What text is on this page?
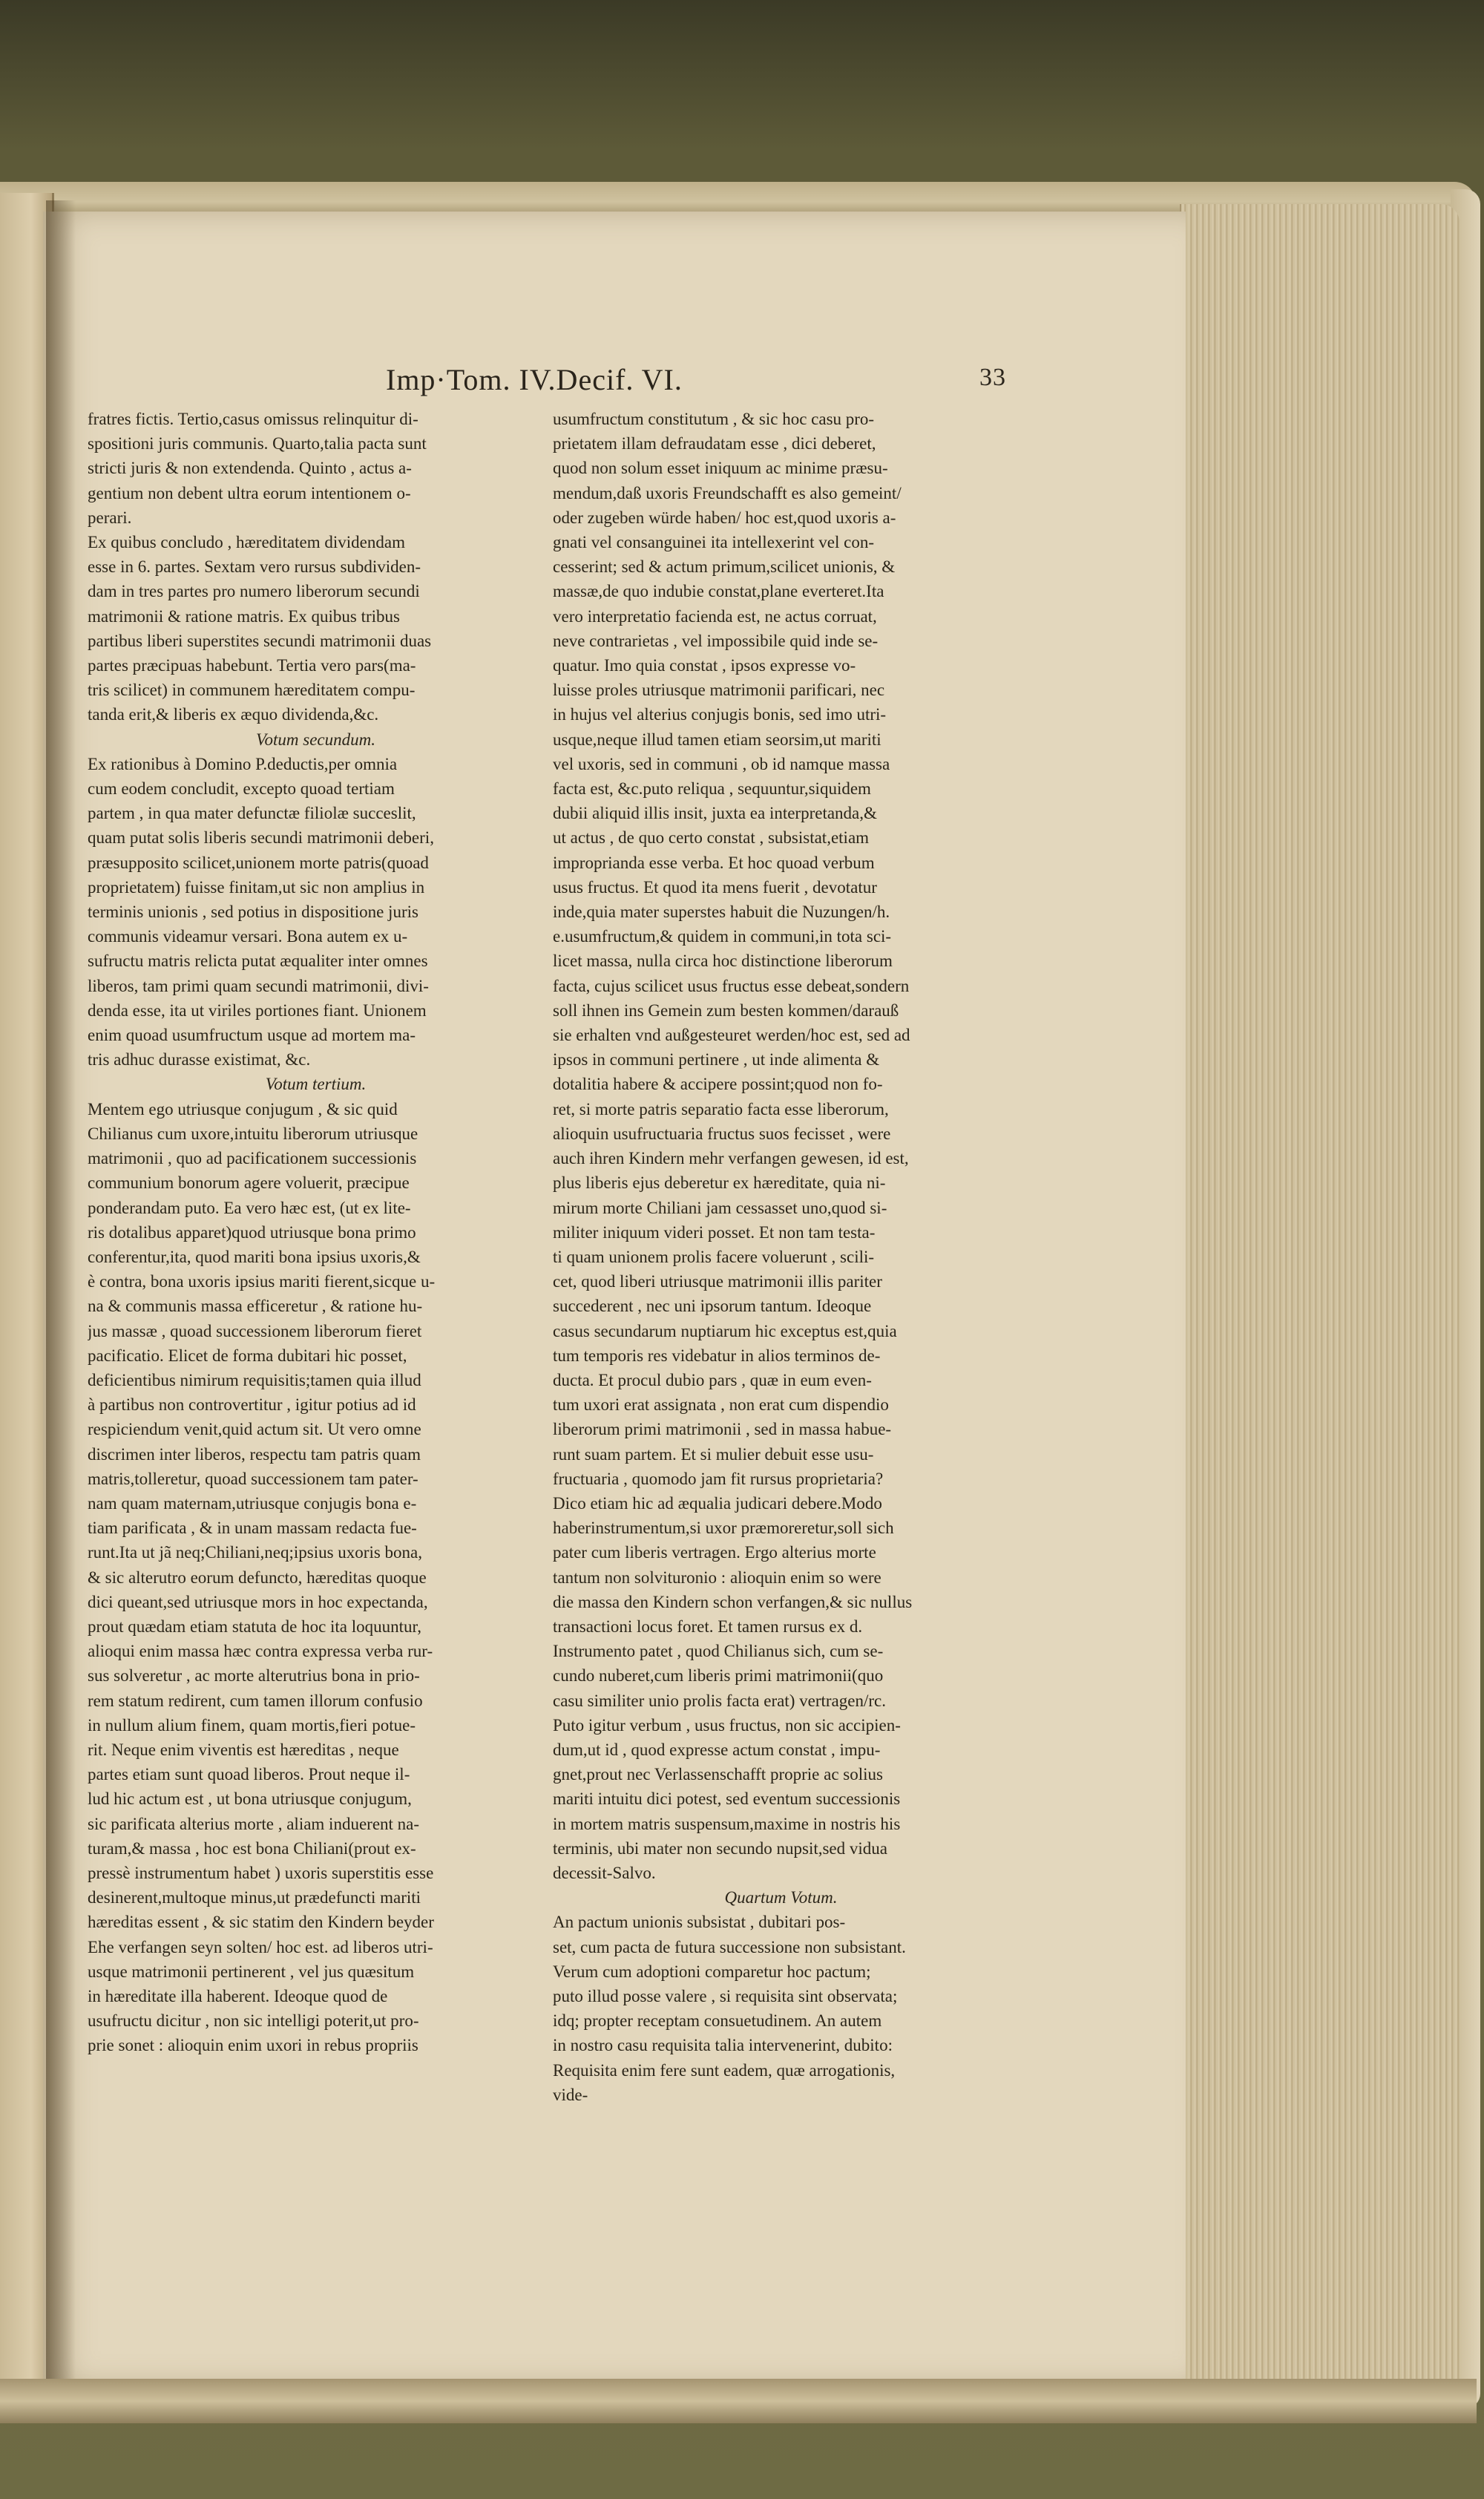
Imp·Tom. IV.Decif. VI.	33
fratres fictis. Tertio,casus omissus relinquitur di-
spositioni juris communis. Quarto,talia pacta sunt
stricti juris & non extendenda. Quinto , actus a-
gentium non debent ultra eorum intentionem o-
perari.
Ex quibus concludo , hæreditatem dividendam
esse in 6. partes. Sextam vero rursus subdividen-
dam in tres partes pro numero liberorum secundi
matrimonii & ratione matris. Ex quibus tribus
partibus liberi superstites secundi matrimonii duas
partes præcipuas habebunt. Tertia vero pars(ma-
tris scilicet) in communem hæreditatem compu-
tanda erit,& liberis ex æquo dividenda,&c.
Votum secundum.
Ex rationibus à Domino P.deductis,per omnia
cum eodem concludit, excepto quoad tertiam
partem , in qua mater defunctæ filiolæ succeslit,
quam putat solis liberis secundi matrimonii deberi,
præsupposito scilicet,unionem morte patris(quoad
proprietatem) fuisse finitam,ut sic non amplius in
terminis unionis , sed potius in dispositione juris
communis videamur versari. Bona autem ex u-
sufructu matris relicta putat æqualiter inter omnes
liberos, tam primi quam secundi matrimonii, divi-
denda esse, ita ut viriles portiones fiant. Unionem
enim quoad usumfructum usque ad mortem ma-
tris adhuc durasse existimat, &c.
Votum tertium.
Mentem ego utriusque conjugum , & sic quid
Chilianus cum uxore,intuitu liberorum utriusque
matrimonii , quo ad pacificationem successionis
communium bonorum agere voluerit, præcipue
ponderandam puto. Ea vero hæc est, (ut ex lite-
ris dotalibus apparet)quod utriusque bona primo
conferentur,ita, quod mariti bona ipsius uxoris,&
è contra, bona uxoris ipsius mariti fierent,sicque u-
na & communis massa efficeretur , & ratione hu-
jus massæ , quoad successionem liberorum fieret
pacificatio. Elicet de forma dubitari hic posset,
deficientibus nimirum requisitis;tamen quia illud
à partibus non controvertitur , igitur potius ad id
respiciendum venit,quid actum sit. Ut vero omne
discrimen inter liberos, respectu tam patris quam
matris,tolleretur, quoad successionem tam pater-
nam quam maternam,utriusque conjugis bona e-
tiam parificata , & in unam massam redacta fue-
runt.Ita ut jã neq;Chiliani,neq;ipsius uxoris bona,
& sic alterutro eorum defuncto, hæreditas quoque
dici queant,sed utriusque mors in hoc expectanda,
prout quædam etiam statuta de hoc ita loquuntur,
alioqui enim massa hæc contra expressa verba rur-
sus solveretur , ac morte alterutrius bona in prio-
rem statum redirent, cum tamen illorum confusio
in nullum alium finem, quam mortis,fieri potue-
rit. Neque enim viventis est hæreditas , neque
partes etiam sunt quoad liberos. Prout neque il-
lud hic actum est , ut bona utriusque conjugum,
sic parificata alterius morte , aliam induerent na-
turam,& massa , hoc est bona Chiliani(prout ex-
pressè instrumentum habet ) uxoris superstitis esse
desinerent,multoque minus,ut prædefuncti mariti
hæreditas essent , & sic statim den Kindern beyder
Ehe verfangen seyn solten/ hoc est. ad liberos utri-
usque matrimonii pertinerent , vel jus quæsitum
in hæreditate illa haberent. Ideoque quod de
usufructu dicitur , non sic intelligi poterit,ut pro-
prie sonet : alioquin enim uxori in rebus propriis
usumfructum constitutum , & sic hoc casu pro-
prietatem illam defraudatam esse , dici deberet,
quod non solum esset iniquum ac minime præsu-
mendum,daß uxoris Freundschafft es also gemeint/
oder zugeben würde haben/ hoc est,quod uxoris a-
gnati vel consanguinei ita intellexerint vel con-
cesserint; sed & actum primum,scilicet unionis, &
massæ,de quo indubie constat,plane everteret.Ita
vero interpretatio facienda est, ne actus corruat,
neve contrarietas , vel impossibile quid inde se-
quatur. Imo quia constat , ipsos expresse vo-
luisse proles utriusque matrimonii parificari, nec
in hujus vel alterius conjugis bonis, sed imo utri-
usque,neque illud tamen etiam seorsim,ut mariti
vel uxoris, sed in communi , ob id namque massa
facta est, &c.puto reliqua , sequuntur,siquidem
dubii aliquid illis insit, juxta ea interpretanda,&
ut actus , de quo certo constat , subsistat,etiam
improprianda esse verba. Et hoc quoad verbum
usus fructus. Et quod ita mens fuerit , devotatur
inde,quia mater superstes habuit die Nuzungen/h.
e.usumfructum,& quidem in communi,in tota sci-
licet massa, nulla circa hoc distinctione liberorum
facta, cujus scilicet usus fructus esse debeat,sondern
soll ihnen ins Gemein zum besten kommen/darauß
sie erhalten vnd außgesteuret werden/hoc est, sed ad
ipsos in communi pertinere , ut inde alimenta &
dotalitia habere & accipere possint;quod non fo-
ret, si morte patris separatio facta esse liberorum,
alioquin usufructuaria fructus suos fecisset , were
auch ihren Kindern mehr verfangen gewesen, id est,
plus liberis ejus deberetur ex hæreditate, quia ni-
mirum morte Chiliani jam cessasset uno,quod si-
militer iniquum videri posset. Et non tam testa-
ti quam unionem prolis facere voluerunt , scili-
cet, quod liberi utriusque matrimonii illis pariter
succederent , nec uni ipsorum tantum. Ideoque
casus secundarum nuptiarum hic exceptus est,quia
tum temporis res videbatur in alios terminos de-
ducta. Et procul dubio pars , quæ in eum even-
tum uxori erat assignata , non erat cum dispendio
liberorum primi matrimonii , sed in massa habue-
runt suam partem. Et si mulier debuit esse usu-
fructuaria , quomodo jam fit rursus proprietaria?
Dico etiam hic ad æqualia judicari debere.Modo
haberinstrumentum,si uxor præmoreretur,soll sich
pater cum liberis vertragen. Ergo alterius morte
tantum non solvituronio : alioquin enim so were
die massa den Kindern schon verfangen,& sic nullus
transactioni locus foret. Et tamen rursus ex d.
Instrumento patet , quod Chilianus sich, cum se-
cundo nuberet,cum liberis primi matrimonii(quo
casu similiter unio prolis facta erat) vertragen/rc.
Puto igitur verbum , usus fructus, non sic accipien-
dum,ut id , quod expresse actum constat , impu-
gnet,prout nec Verlassenschafft proprie ac solius
mariti intuitu dici potest, sed eventum successionis
in mortem matris suspensum,maxime in nostris his
terminis, ubi mater non secundo nupsit,sed vidua
decessit-Salvo.
Quartum Votum.
An pactum unionis subsistat , dubitari pos-
set, cum pacta de futura successione non subsistant.
Verum cum adoptioni comparetur hoc pactum;
puto illud posse valere , si requisita sint observata;
idq; propter receptam consuetudinem. An autem
in nostro casu requisita talia intervenerint, dubito:
Requisita enim fere sunt eadem, quæ arrogationis,
vide-
